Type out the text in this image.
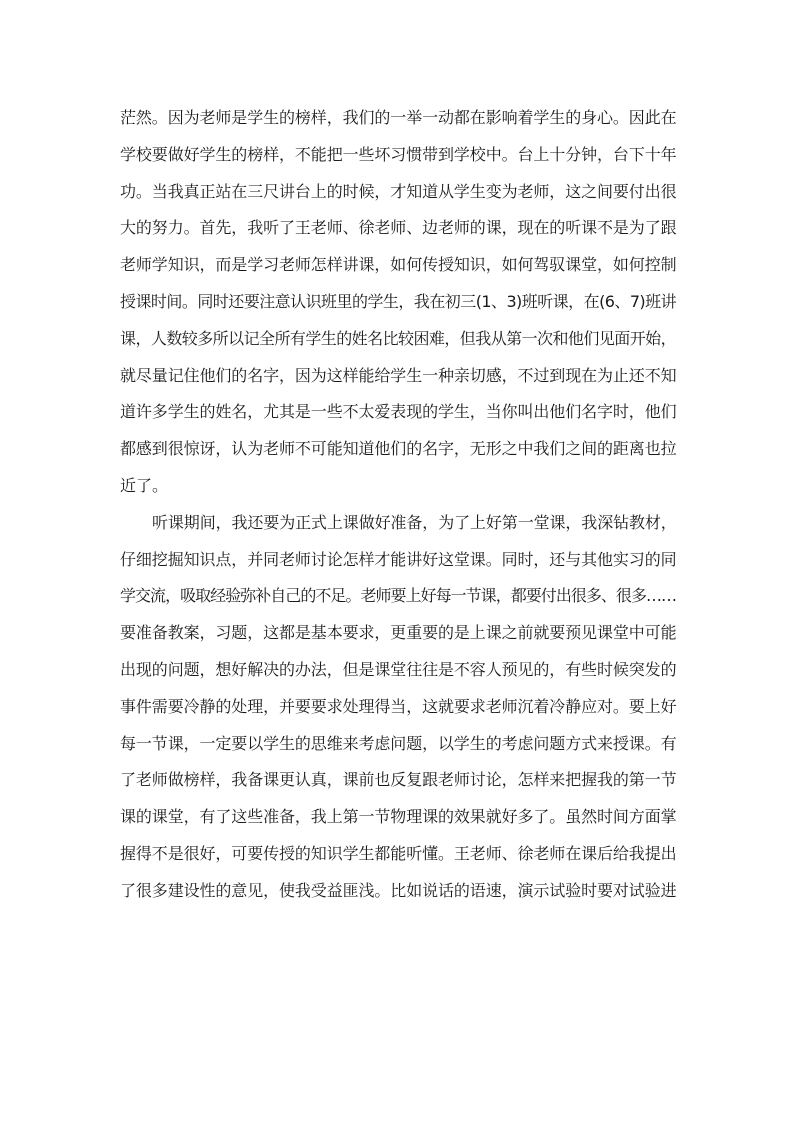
茫然。因为老师是学生的榜样，我们的一举一动都在影响着学生的身心。因此在
学校要做好学生的榜样，不能把一些坏习惯带到学校中。台上十分钟，台下十年
功。当我真正站在三尺讲台上的时候，才知道从学生变为老师，这之间要付出很
大的努力。首先，我听了王老师、徐老师、边老师的课，现在的听课不是为了跟
老师学知识，而是学习老师怎样讲课，如何传授知识，如何驾驭课堂，如何控制
授课时间。同时还要注意认识班里的学生，我在初三(1、3)班听课，在(6、7)班讲
课，人数较多所以记全所有学生的姓名比较困难，但我从第一次和他们见面开始，
就尽量记住他们的名字，因为这样能给学生一种亲切感，不过到现在为止还不知
道许多学生的姓名，尤其是一些不太爱表现的学生，当你叫出他们名字时，他们
都感到很惊讶，认为老师不可能知道他们的名字，无形之中我们之间的距离也拉
近了。
听课期间，我还要为正式上课做好准备，为了上好第一堂课，我深钻教材，
仔细挖掘知识点，并同老师讨论怎样才能讲好这堂课。同时，还与其他实习的同
学交流，吸取经验弥补自己的不足。老师要上好每一节课，都要付出很多、很多……
要准备教案，习题，这都是基本要求，更重要的是上课之前就要预见课堂中可能
出现的问题，想好解决的办法，但是课堂往往是不容人预见的，有些时候突发的
事件需要冷静的处理，并要要求处理得当，这就要求老师沉着冷静应对。要上好
每一节课，一定要以学生的思维来考虑问题，以学生的考虑问题方式来授课。有
了老师做榜样，我备课更认真，课前也反复跟老师讨论，怎样来把握我的第一节
课的课堂，有了这些准备，我上第一节物理课的效果就好多了。虽然时间方面掌
握得不是很好，可要传授的知识学生都能听懂。王老师、徐老师在课后给我提出
了很多建设性的意见，使我受益匪浅。比如说话的语速，演示试验时要对试验进
